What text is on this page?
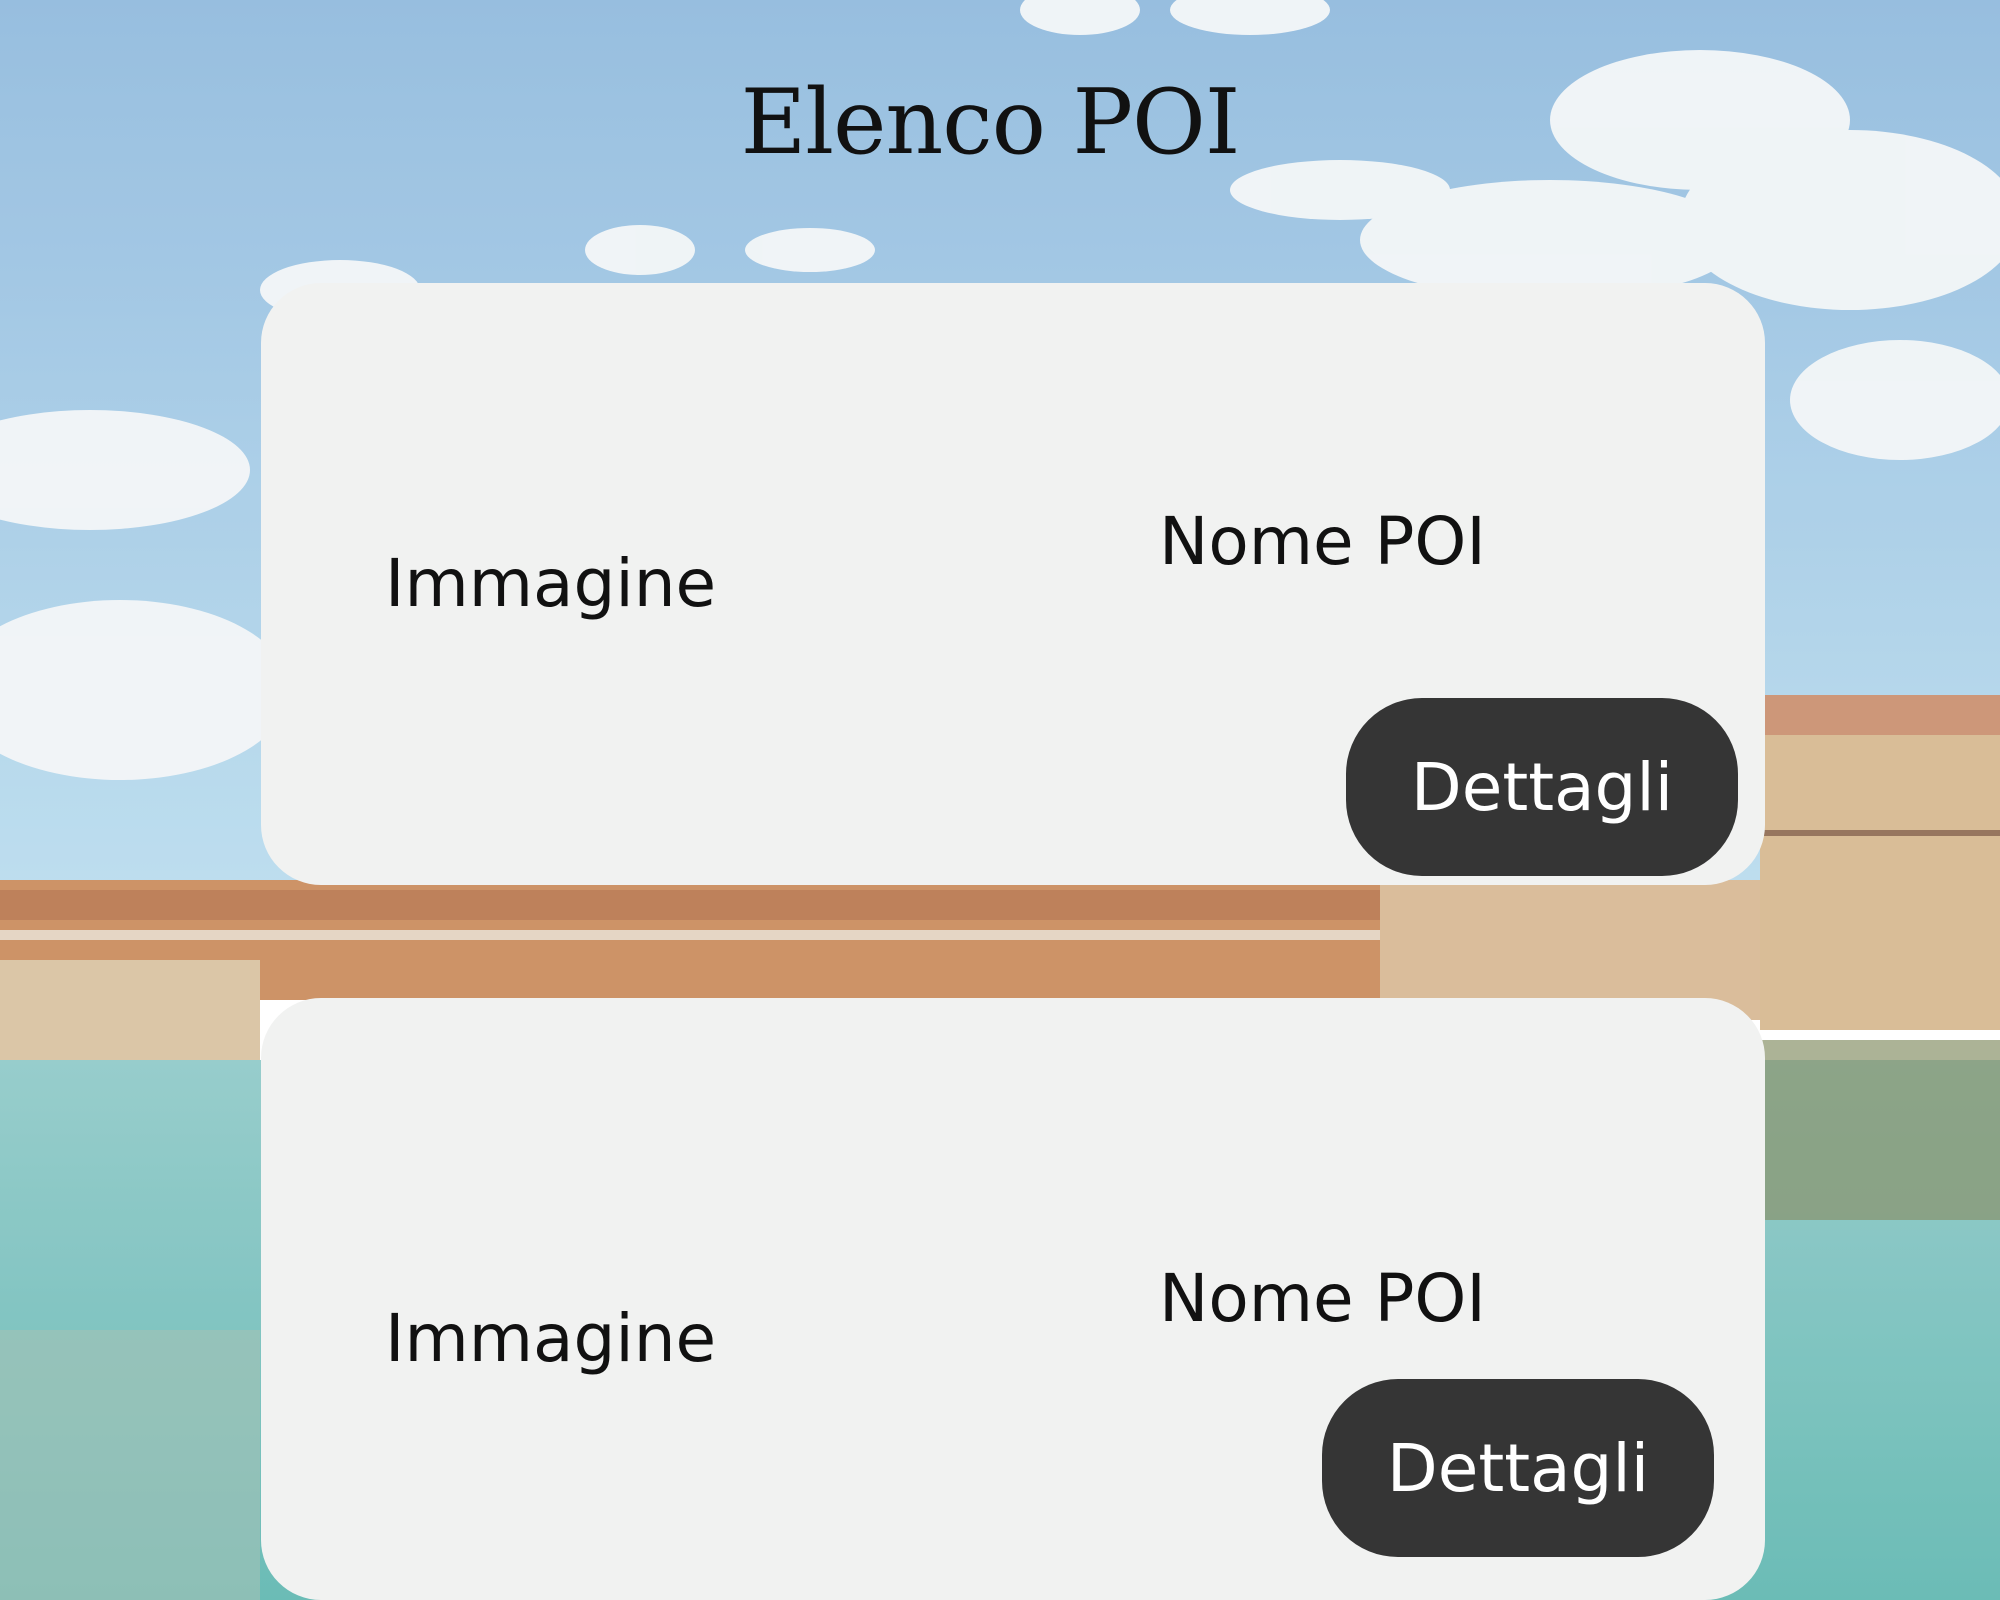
Elenco POI
Immagine
Nome POI
Dettagli
Immagine
Nome POI
Dettagli
